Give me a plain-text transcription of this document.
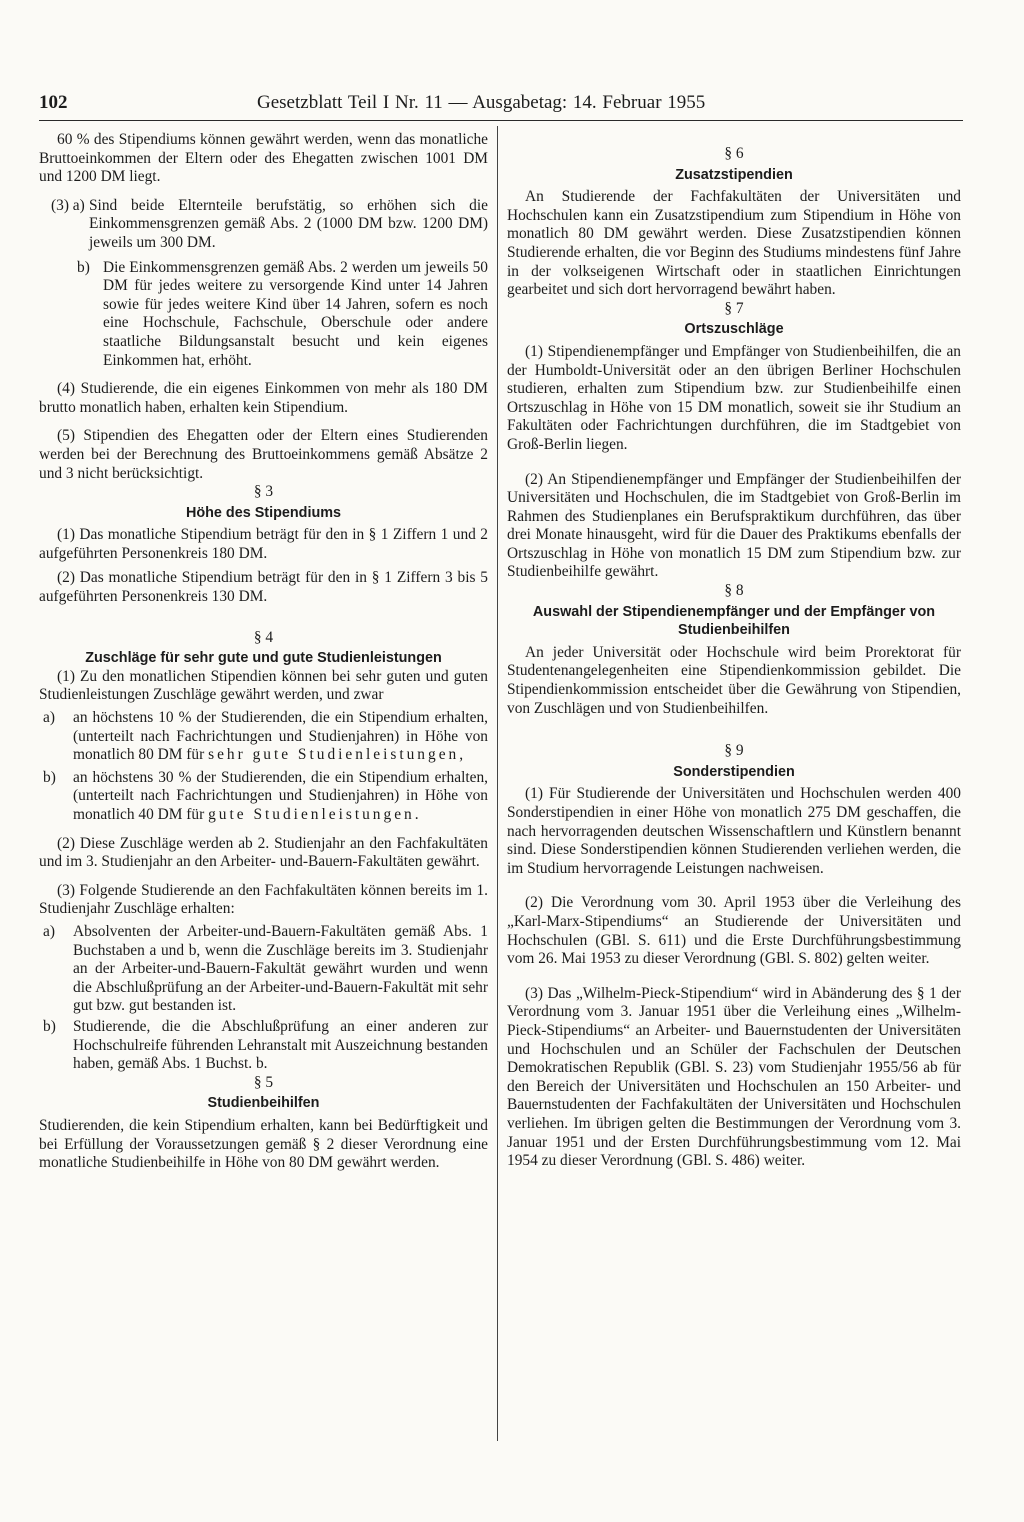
102	Gesetzblatt Teil I Nr. 11 — Ausgabetag: 14. Februar 1955

60 % des Stipendiums können gewährt werden, wenn das monatliche Bruttoeinkommen der Eltern oder des Ehegatten zwischen 1001 DM und 1200 DM liegt.

(3) a) Sind beide Elternteile berufstätig, so erhöhen sich die Einkommensgrenzen gemäß Abs. 2 (1000 DM bzw. 1200 DM) jeweils um 300 DM.
b) Die Einkommensgrenzen gemäß Abs. 2 werden um jeweils 50 DM für jedes weitere zu versorgende Kind unter 14 Jahren sowie für jedes weitere Kind über 14 Jahren, sofern es noch eine Hochschule, Fachschule, Oberschule oder andere staatliche Bildungsanstalt besucht und kein eigenes Einkommen hat, erhöht.

(4) Studierende, die ein eigenes Einkommen von mehr als 180 DM brutto monatlich haben, erhalten kein Stipendium.

(5) Stipendien des Ehegatten oder der Eltern eines Studierenden werden bei der Berechnung des Bruttoeinkommens gemäß Absätze 2 und 3 nicht berücksichtigt.

§ 3

Höhe des Stipendiums

(1) Das monatliche Stipendium beträgt für den in § 1 Ziffern 1 und 2 aufgeführten Personenkreis 180 DM.

(2) Das monatliche Stipendium beträgt für den in § 1 Ziffern 3 bis 5 aufgeführten Personenkreis 130 DM.

§ 4

Zuschläge für sehr gute und gute Studienleistungen

(1) Zu den monatlichen Stipendien können bei sehr guten und guten Studienleistungen Zuschläge gewährt werden, und zwar

a) an höchstens 10 % der Studierenden, die ein Stipendium erhalten, (unterteilt nach Fachrichtungen und Studienjahren) in Höhe von monatlich 80 DM für sehr gute Studienleistungen,
b) an höchstens 30 % der Studierenden, die ein Stipendium erhalten, (unterteilt nach Fachrichtungen und Studienjahren) in Höhe von monatlich 40 DM für gute Studienleistungen.

(2) Diese Zuschläge werden ab 2. Studienjahr an den Fachfakultäten und im 3. Studienjahr an den Arbeiter- und-Bauern-Fakultäten gewährt.

(3) Folgende Studierende an den Fachfakultäten können bereits im 1. Studienjahr Zuschläge erhalten:

a) Absolventen der Arbeiter-und-Bauern-Fakultäten gemäß Abs. 1 Buchstaben a und b, wenn die Zuschläge bereits im 3. Studienjahr an der Arbeiter-und-Bauern-Fakultät gewährt wurden und wenn die Abschlußprüfung an der Arbeiter-und-Bauern-Fakultät mit sehr gut bzw. gut bestanden ist.
b) Studierende, die die Abschlußprüfung an einer anderen zur Hochschulreife führenden Lehranstalt mit Auszeichnung bestanden haben, gemäß Abs. 1 Buchst. b.

§ 5

Studienbeihilfen

Studierenden, die kein Stipendium erhalten, kann bei Bedürftigkeit und bei Erfüllung der Voraussetzungen gemäß § 2 dieser Verordnung eine monatliche Studienbeihilfe in Höhe von 80 DM gewährt werden.

§ 6

Zusatzstipendien

An Studierende der Fachfakultäten der Universitäten und Hochschulen kann ein Zusatzstipendium zum Stipendium in Höhe von monatlich 80 DM gewährt werden. Diese Zusatzstipendien können Studierende erhalten, die vor Beginn des Studiums mindestens fünf Jahre in der volkseigenen Wirtschaft oder in staatlichen Einrichtungen gearbeitet und sich dort hervorragend bewährt haben.

§ 7

Ortszuschläge

(1) Stipendienempfänger und Empfänger von Studienbeihilfen, die an der Humboldt-Universität oder an den übrigen Berliner Hochschulen studieren, erhalten zum Stipendium bzw. zur Studienbeihilfe einen Ortszuschlag in Höhe von 15 DM monatlich, soweit sie ihr Studium an Fakultäten oder Fachrichtungen durchführen, die im Stadtgebiet von Groß-Berlin liegen.

(2) An Stipendienempfänger und Empfänger der Studienbeihilfen der Universitäten und Hochschulen, die im Stadtgebiet von Groß-Berlin im Rahmen des Studienplanes ein Berufspraktikum durchführen, das über drei Monate hinausgeht, wird für die Dauer des Praktikums ebenfalls der Ortszuschlag in Höhe von monatlich 15 DM zum Stipendium bzw. zur Studienbeihilfe gewährt.

§ 8

Auswahl der Stipendienempfänger und der Empfänger von Studienbeihilfen

An jeder Universität oder Hochschule wird beim Prorektorat für Studentenangelegenheiten eine Stipendienkommission gebildet. Die Stipendienkommission entscheidet über die Gewährung von Stipendien, von Zuschlägen und von Studienbeihilfen.

§ 9

Sonderstipendien

(1) Für Studierende der Universitäten und Hochschulen werden 400 Sonderstipendien in einer Höhe von monatlich 275 DM geschaffen, die nach hervorragenden deutschen Wissenschaftlern und Künstlern benannt sind. Diese Sonderstipendien können Studierenden verliehen werden, die im Studium hervorragende Leistungen nachweisen.

(2) Die Verordnung vom 30. April 1953 über die Verleihung des „Karl-Marx-Stipendiums“ an Studierende der Universitäten und Hochschulen (GBl. S. 611) und die Erste Durchführungsbestimmung vom 26. Mai 1953 zu dieser Verordnung (GBl. S. 802) gelten weiter.

(3) Das „Wilhelm-Pieck-Stipendium“ wird in Abänderung des § 1 der Verordnung vom 3. Januar 1951 über die Verleihung eines „Wilhelm-Pieck-Stipendiums“ an Arbeiter- und Bauernstudenten der Universitäten und Hochschulen und an Schüler der Fachschulen der Deutschen Demokratischen Republik (GBl. S. 23) vom Studienjahr 1955/56 ab für den Bereich der Universitäten und Hochschulen an 150 Arbeiter- und Bauernstudenten der Fachfakultäten der Universitäten und Hochschulen verliehen. Im übrigen gelten die Bestimmungen der Verordnung vom 3. Januar 1951 und der Ersten Durchführungsbestimmung vom 12. Mai 1954 zu dieser Verordnung (GBl. S. 486) weiter.
